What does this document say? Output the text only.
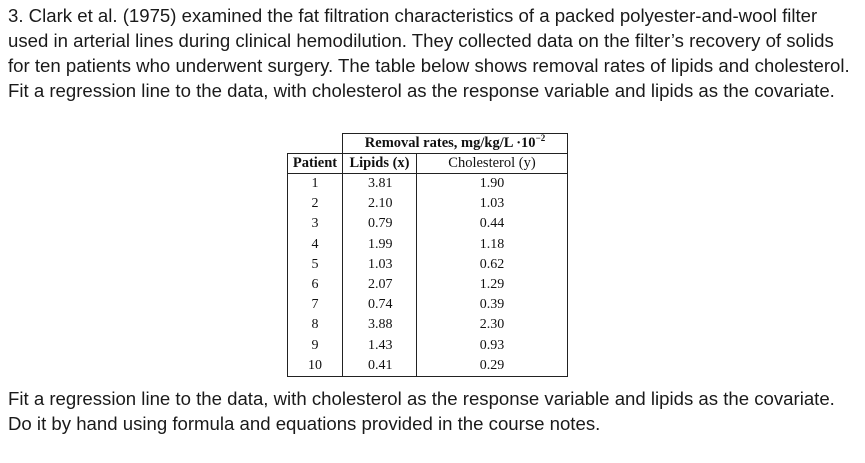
3. Clark et al. (1975) examined the fat filtration characteristics of a packed polyester-and-wool filter used in arterial lines during clinical hemodilution. They collected data on the filter’s recovery of solids for ten patients who underwent surgery. The table below shows removal rates of lipids and cholesterol. Fit a regression line to the data, with cholesterol as the response variable and lipids as the covariate.
	Removal rates, $mg/kg/L \cdot 10^{-2}$
Patient	Lipids (x)	Cholesterol (y)
1	3.81	1.90
2	2.10	1.03
3	0.79	0.44
4	1.99	1.18
5	1.03	0.62
6	2.07	1.29
7	0.74	0.39
8	3.88	2.30
9	1.43	0.93
10	0.41	0.29
Fit a regression line to the data, with cholesterol as the response variable and lipids as the covariate. Do it by hand using formula and equations provided in the course notes.
